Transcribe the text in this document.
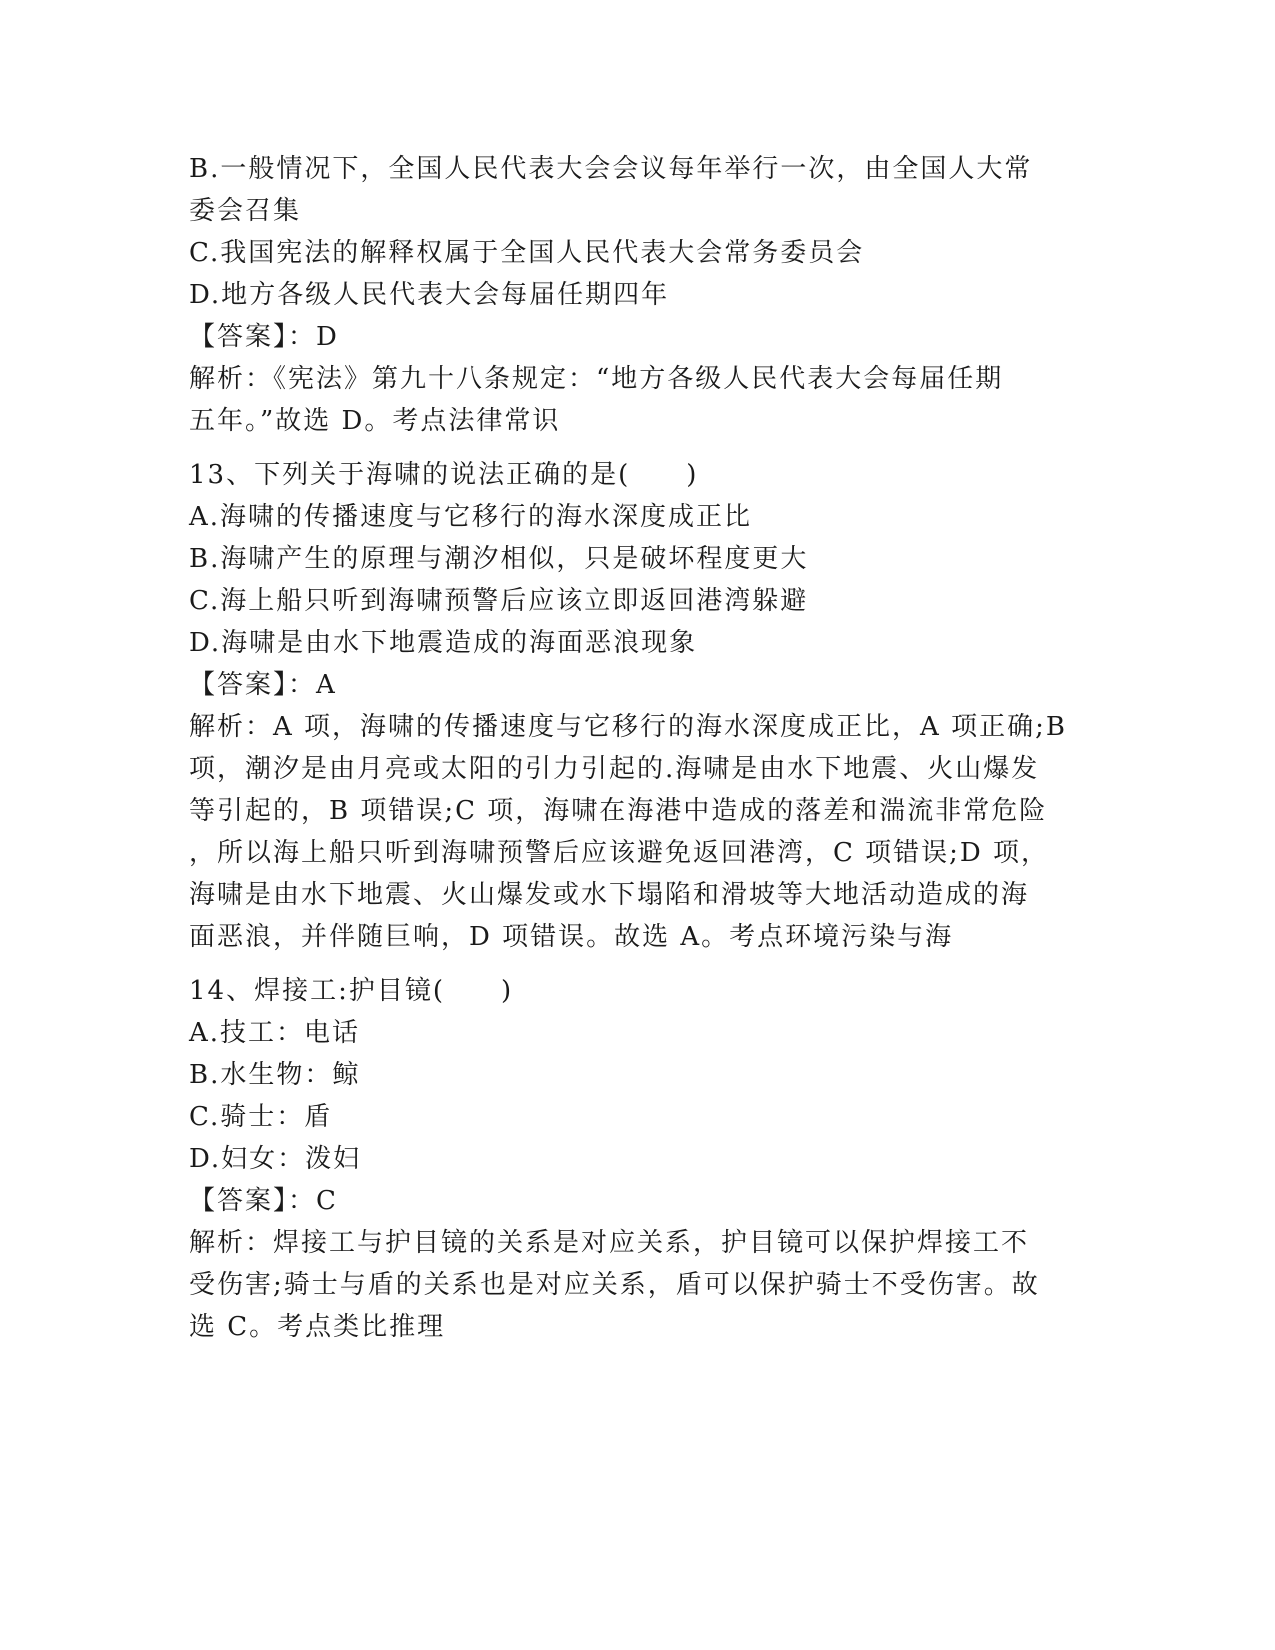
B.一般情况下，全国人民代表大会会议每年举行一次，由全国人大常
委会召集
C.我国宪法的解释权属于全国人民代表大会常务委员会
D.地方各级人民代表大会每届任期四年
【答案】：D
解析：《宪法》第九十八条规定：“地方各级人民代表大会每届任期
五年。”故选 D。考点法律常识
13、下列关于海啸的说法正确的是(　　)
A.海啸的传播速度与它移行的海水深度成正比
B.海啸产生的原理与潮汐相似，只是破坏程度更大
C.海上船只听到海啸预警后应该立即返回港湾躲避
D.海啸是由水下地震造成的海面恶浪现象
【答案】：A
解析：A 项，海啸的传播速度与它移行的海水深度成正比，A 项正确;B
项，潮汐是由月亮或太阳的引力引起的.海啸是由水下地震、火山爆发
等引起的，B 项错误;C 项，海啸在海港中造成的落差和湍流非常危险
，所以海上船只听到海啸预警后应该避免返回港湾，C 项错误;D 项，
海啸是由水下地震、火山爆发或水下塌陷和滑坡等大地活动造成的海
面恶浪，并伴随巨响，D 项错误。故选 A。考点环境污染与海
14、焊接工:护目镜(　　)
A.技工：电话
B.水生物：鲸
C.骑士：盾
D.妇女：泼妇
【答案】：C
解析：焊接工与护目镜的关系是对应关系，护目镜可以保护焊接工不
受伤害;骑士与盾的关系也是对应关系，盾可以保护骑士不受伤害。故
选 C。考点类比推理
